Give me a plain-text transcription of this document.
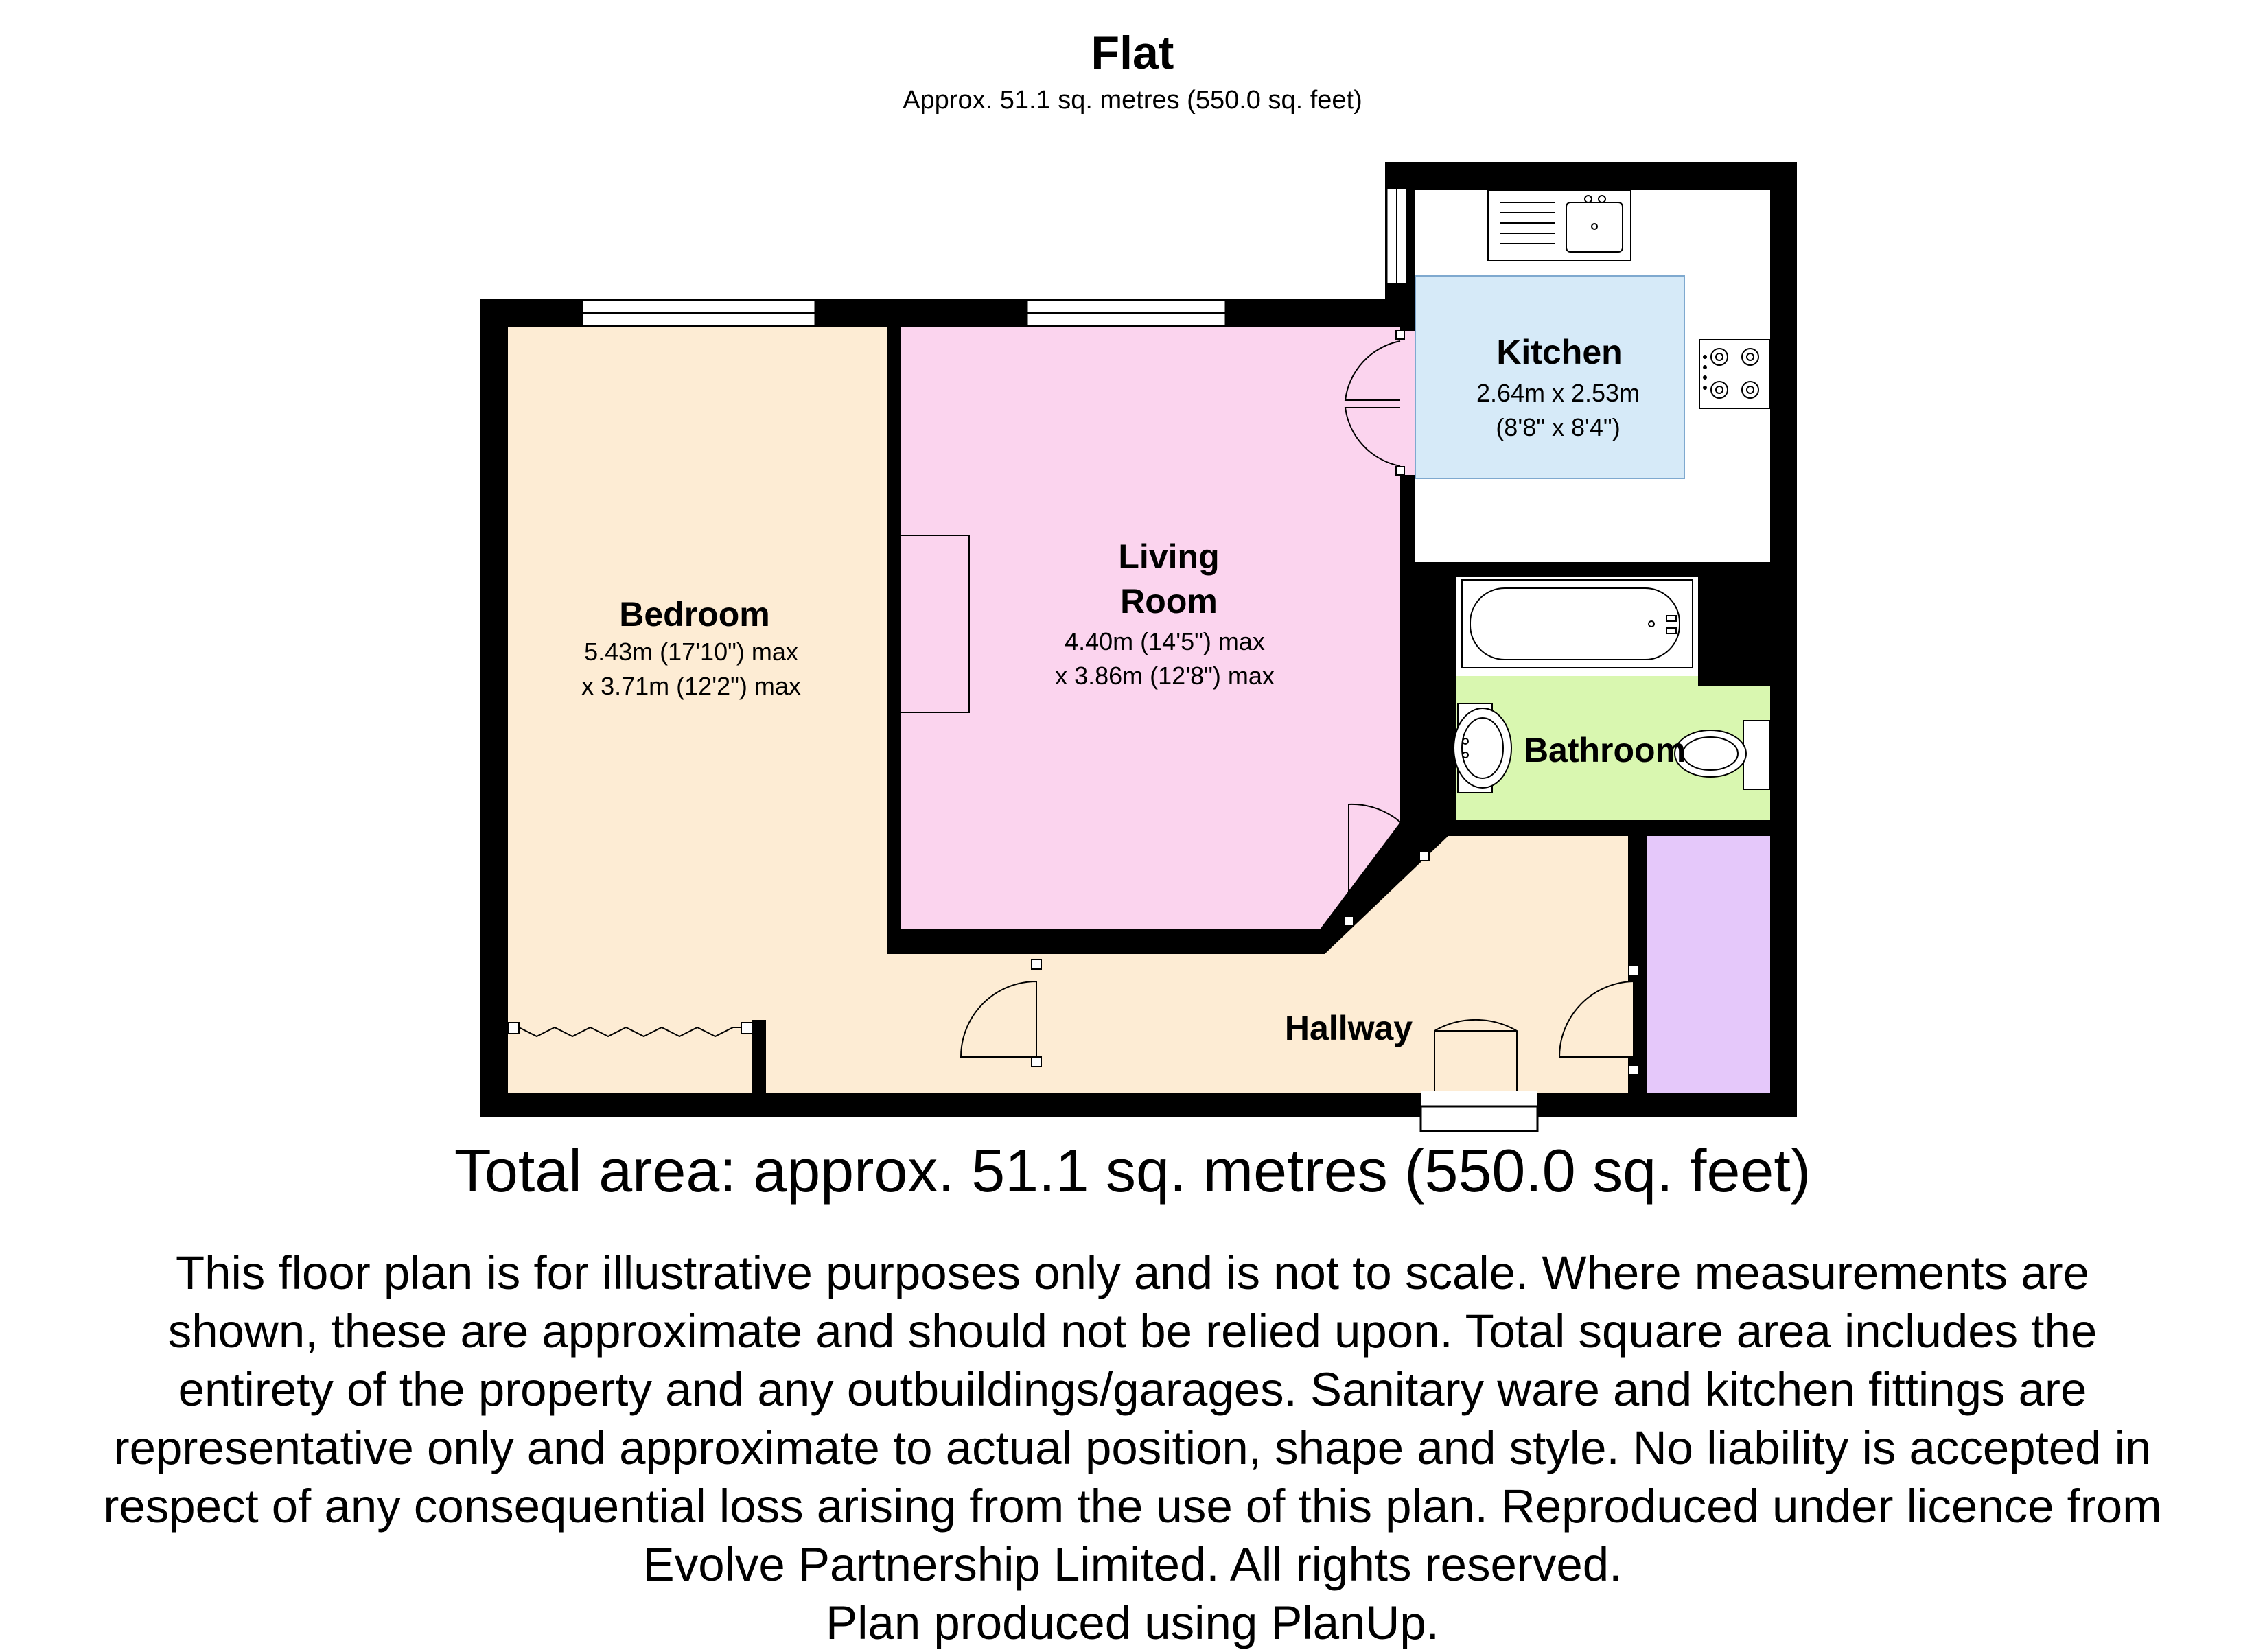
Flat

Approx. 51.1 sq. metres (550.0 sq. feet)

Bedroom
5.43m (17'10") max
x 3.71m (12'2") max
Living
Room
4.40m (14'5") max
x 3.86m (12'8") max
Kitchen
2.64m x 2.53m
(8'8" x 8'4")
Bathroom
Hallway

Total area: approx. 51.1 sq. metres (550.0 sq. feet)

This floor plan is for illustrative purposes only and is not to scale. Where measurements are
shown, these are approximate and should not be relied upon. Total square area includes the
entirety of the property and any outbuildings/garages. Sanitary ware and kitchen fittings are
representative only and approximate to actual position, shape and style. No liability is accepted in
respect of any consequential loss arising from the use of this plan. Reproduced under licence from
Evolve Partnership Limited. All rights reserved.
Plan produced using PlanUp.
